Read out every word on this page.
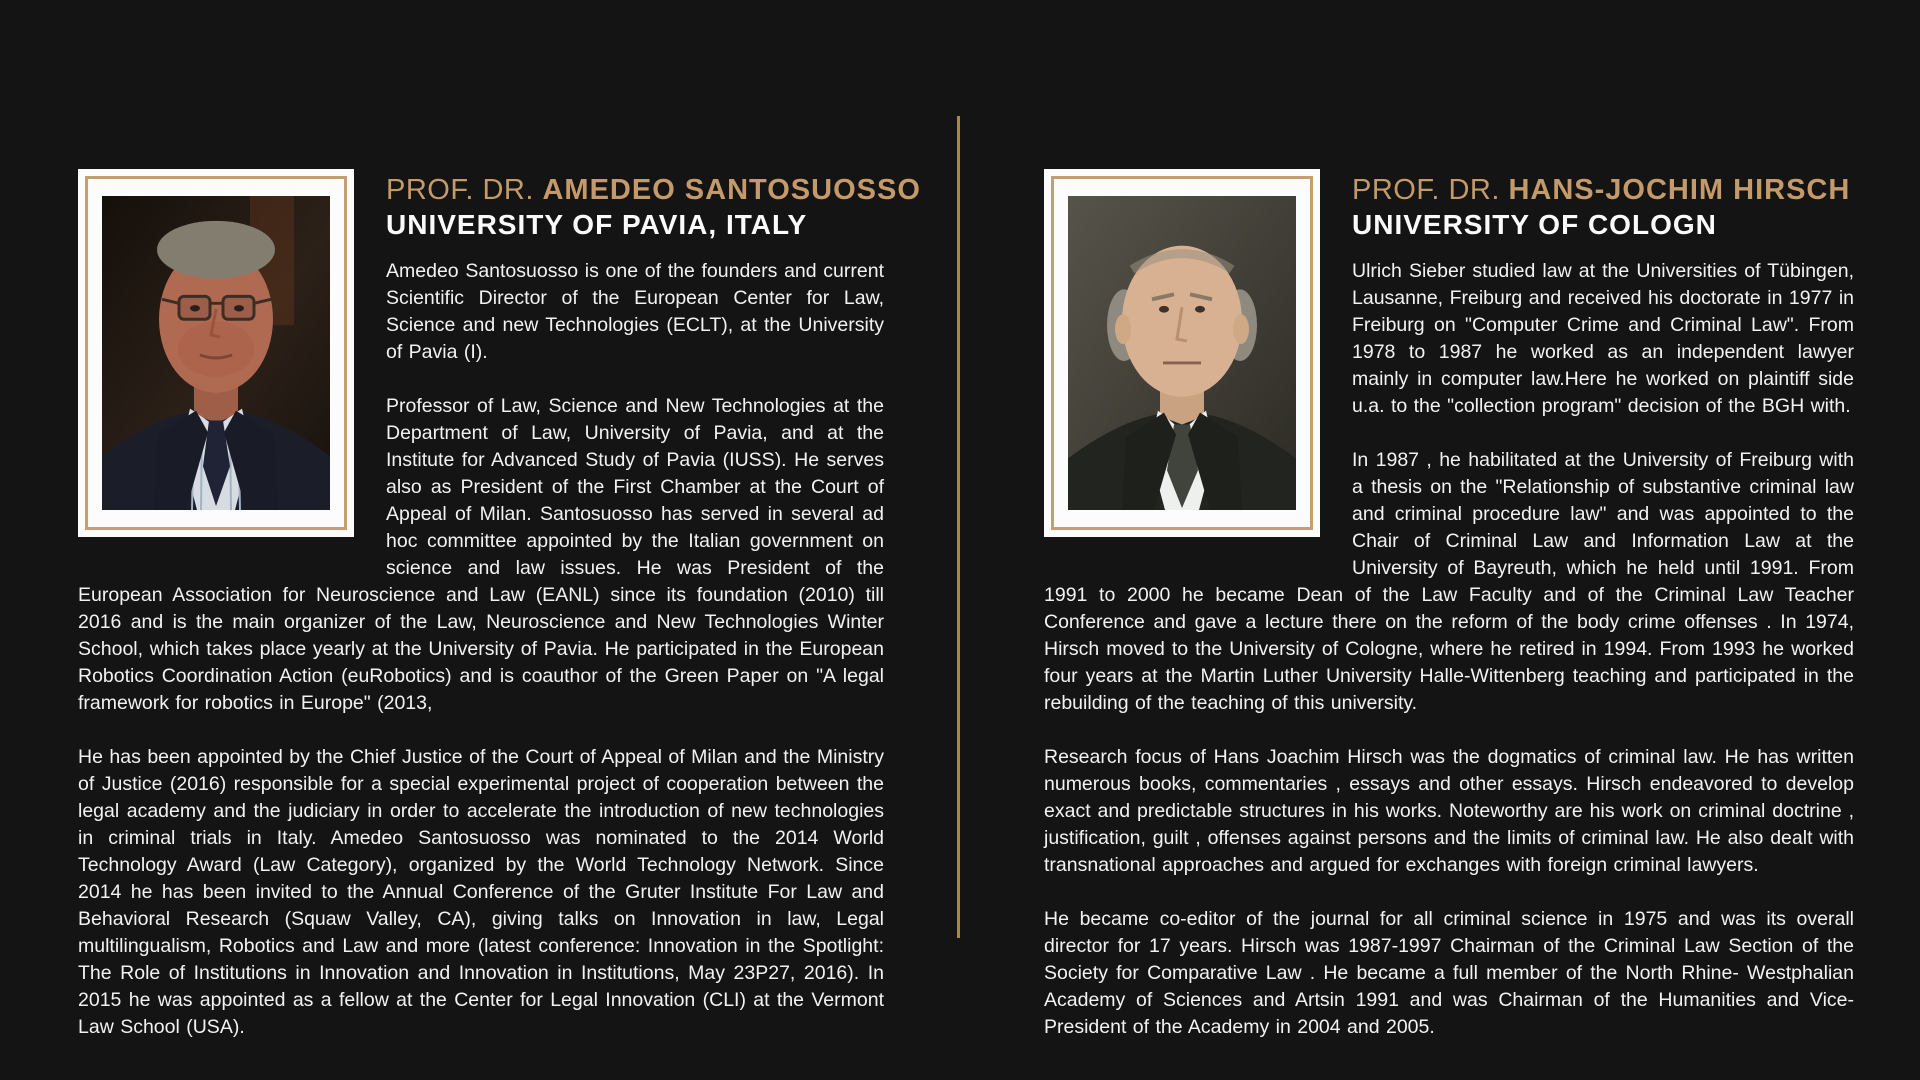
PROF. DR. AMEDEO SANTOSUOSSO
UNIVERSITY OF PAVIA, ITALY

Amedeo Santosuosso is one of the founders and current Scientific Director of the European Center for Law, Science and new Technologies (ECLT), at the University of Pavia (I).

Professor of Law, Science and New Technologies at the Department of Law, University of Pavia, and at the Institute for Advanced Study of Pavia (IUSS). He serves also as President of the First Chamber at the Court of Appeal of Milan. Santosuosso has served in several ad hoc committee appointed by the Italian government on science and law issues. He was President of the European Association for Neuroscience and Law (EANL) since its foundation (2010) till 2016 and is the main organizer of the Law, Neuroscience and New Technologies Winter School, which takes place yearly at the University of Pavia. He participated in the European Robotics Coordination Action (euRobotics) and is coauthor of the Green Paper on "A legal framework for robotics in Europe" (2013,

He has been appointed by the Chief Justice of the Court of Appeal of Milan and the Ministry of Justice (2016) responsible for a special experimental project of cooperation between the legal academy and the judiciary in order to accelerate the introduction of new technologies in criminal trials in Italy. Amedeo Santosuosso was nominated to the 2014 World Technology Award (Law Category), organized by the World Technology Network. Since 2014 he has been invited to the Annual Conference of the Gruter Institute For Law and Behavioral Research (Squaw Valley, CA), giving talks on Innovation in law, Legal multilingualism, Robotics and Law and more (latest conference: Innovation in the Spotlight: The Role of Institutions in Innovation and Innovation in Institutions, May 23P27, 2016). In 2015 he was appointed as a fellow at the Center for Legal Innovation (CLI) at the Vermont Law School (USA).

PROF. DR. HANS-JOCHIM HIRSCH
UNIVERSITY OF COLOGN

Ulrich Sieber studied law at the Universities of Tübingen, Lausanne, Freiburg and received his doctorate in 1977 in Freiburg on "Computer Crime and Criminal Law". From 1978 to 1987 he worked as an independent lawyer mainly in computer law.Here he worked on plaintiff side u.a. to the "collection program" decision of the BGH with.

In 1987 , he habilitated at the University of Freiburg with a thesis on the "Relationship of substantive criminal law and criminal procedure law" and was appointed to the Chair of Criminal Law and Information Law at the University of Bayreuth, which he held until 1991. From 1991 to 2000 he became Dean of the Law Faculty and of the Criminal Law Teacher Conference and gave a lecture there on the reform of the body crime offenses . In 1974, Hirsch moved to the University of Cologne, where he retired in 1994. From 1993 he worked four years at the Martin Luther University Halle-Wittenberg teaching and participated in the rebuilding of the teaching of this university.

Research focus of Hans Joachim Hirsch was the dogmatics of criminal law. He has written numerous books, commentaries , essays and other essays. Hirsch endeavored to develop exact and predictable structures in his works. Noteworthy are his work on criminal doctrine , justification, guilt , offenses against persons and the limits of criminal law. He also dealt with transnational approaches and argued for exchanges with foreign criminal lawyers.

He became co-editor of the journal for all criminal science in 1975 and was its overall director for 17 years. Hirsch was 1987-1997 Chairman of the Criminal Law Section of the Society for Comparative Law . He became a full member of the North Rhine- Westphalian Academy of Sciences and Artsin 1991 and was Chairman of the Humanities and Vice-President of the Academy in 2004 and 2005.
